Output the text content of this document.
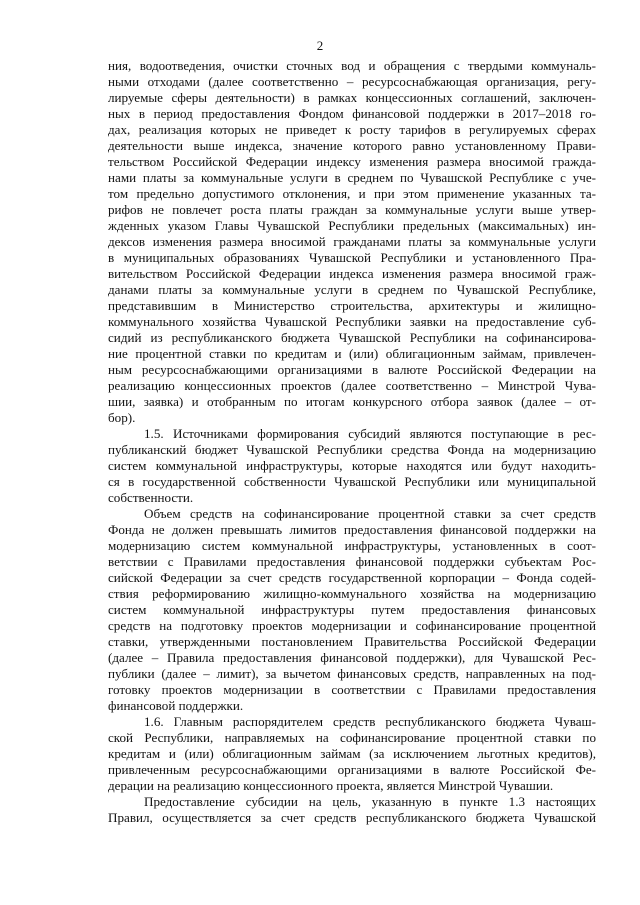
2
ния, водоотведения, очистки сточных вод и обращения с твердыми коммуналь-
ными отходами (далее соответственно – ресурсоснабжающая организация, регу-
лируемые сферы деятельности) в рамках концессионных соглашений, заключен-
ных в период предоставления Фондом финансовой поддержки в 2017–2018 го-
дах, реализация которых не приведет к росту тарифов в регулируемых сферах
деятельности выше индекса, значение которого равно установленному Прави-
тельством Российской Федерации индексу изменения размера вносимой гражда-
нами платы за коммунальные услуги в среднем по Чувашской Республике с уче-
том предельно допустимого отклонения, и при этом применение указанных та-
рифов не повлечет роста платы граждан за коммунальные услуги выше утвер-
жденных указом Главы Чувашской Республики предельных (максимальных) ин-
дексов изменения размера вносимой гражданами платы за коммунальные услуги
в муниципальных образованиях Чувашской Республики и установленного Пра-
вительством Российской Федерации индекса изменения размера вносимой граж-
данами платы за коммунальные услуги в среднем по Чувашской Республике,
представившим в Министерство строительства, архитектуры и жилищно-
коммунального хозяйства Чувашской Республики заявки на предоставление суб-
сидий из республиканского бюджета Чувашской Республики на софинансирова-
ние процентной ставки по кредитам и (или) облигационным займам, привлечен-
ным ресурсоснабжающими организациями в валюте Российской Федерации на
реализацию концессионных проектов (далее соответственно – Минстрой Чува-
шии, заявка) и отобранным по итогам конкурсного отбора заявок (далее – от-
бор).
1.5. Источниками формирования субсидий являются поступающие в рес-
публиканский бюджет Чувашской Республики средства Фонда на модернизацию
систем коммунальной инфраструктуры, которые находятся или будут находить-
ся в государственной собственности Чувашской Республики или муниципальной
собственности.
Объем средств на софинансирование процентной ставки за счет средств
Фонда не должен превышать лимитов предоставления финансовой поддержки на
модернизацию систем коммунальной инфраструктуры, установленных в соот-
ветствии с Правилами предоставления финансовой поддержки субъектам Рос-
сийской Федерации за счет средств государственной корпорации – Фонда содей-
ствия реформированию жилищно-коммунального хозяйства на модернизацию
систем коммунальной инфраструктуры путем предоставления финансовых
средств на подготовку проектов модернизации и софинансирование процентной
ставки, утвержденными постановлением Правительства Российской Федерации
(далее – Правила предоставления финансовой поддержки), для Чувашской Рес-
публики (далее – лимит), за вычетом финансовых средств, направленных на под-
готовку проектов модернизации в соответствии с Правилами предоставления
финансовой поддержки.
1.6. Главным распорядителем средств республиканского бюджета Чуваш-
ской Республики, направляемых на софинансирование процентной ставки по
кредитам и (или) облигационным займам (за исключением льготных кредитов),
привлеченным ресурсоснабжающими организациями в валюте Российской Фе-
дерации на реализацию концессионного проекта, является Минстрой Чувашии.
Предоставление субсидии на цель, указанную в пункте 1.3 настоящих
Правил, осуществляется за счет средств республиканского бюджета Чувашской
